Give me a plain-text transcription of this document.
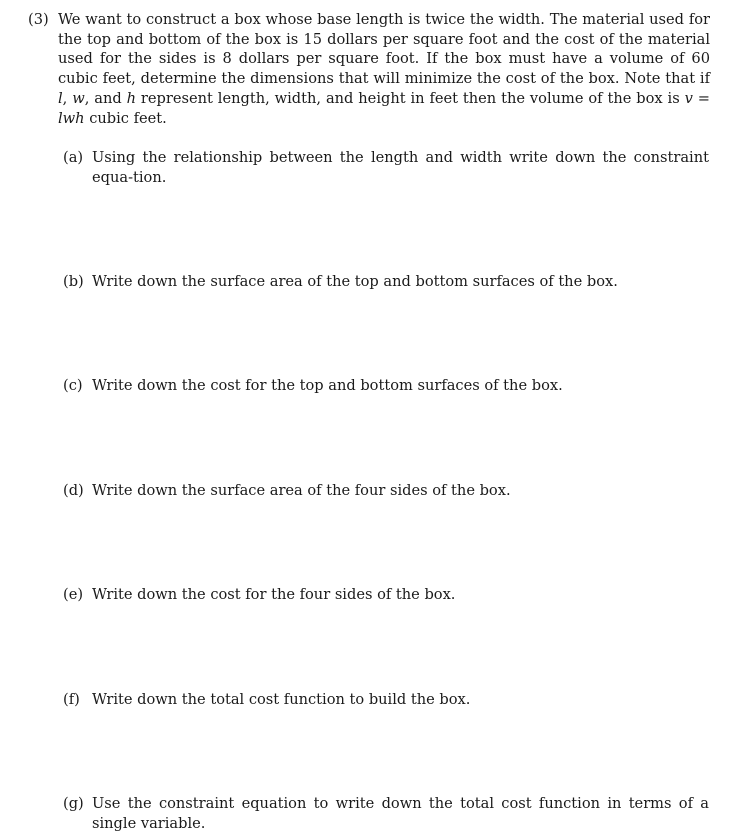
(3) We want to construct a box whose base length is twice the width. The material used for the top and bottom of the box is 15 dollars per square foot and the cost of the material used for the sides is 8 dollars per square foot. If the box must have a volume of 60 cubic feet, determine the dimensions that will minimize the cost of the box. Note that if l, w, and h represent length, width, and height in feet then the volume of the box is v = lwh cubic feet.
(a) Using the relationship between the length and width write down the constraint equa-tion.
(b) Write down the surface area of the top and bottom surfaces of the box.
(c) Write down the cost for the top and bottom surfaces of the box.
(d) Write down the surface area of the four sides of the box.
(e) Write down the cost for the four sides of the box.
(f) Write down the total cost function to build the box.
(g) Use the constraint equation to write down the total cost function in terms of a single variable.
